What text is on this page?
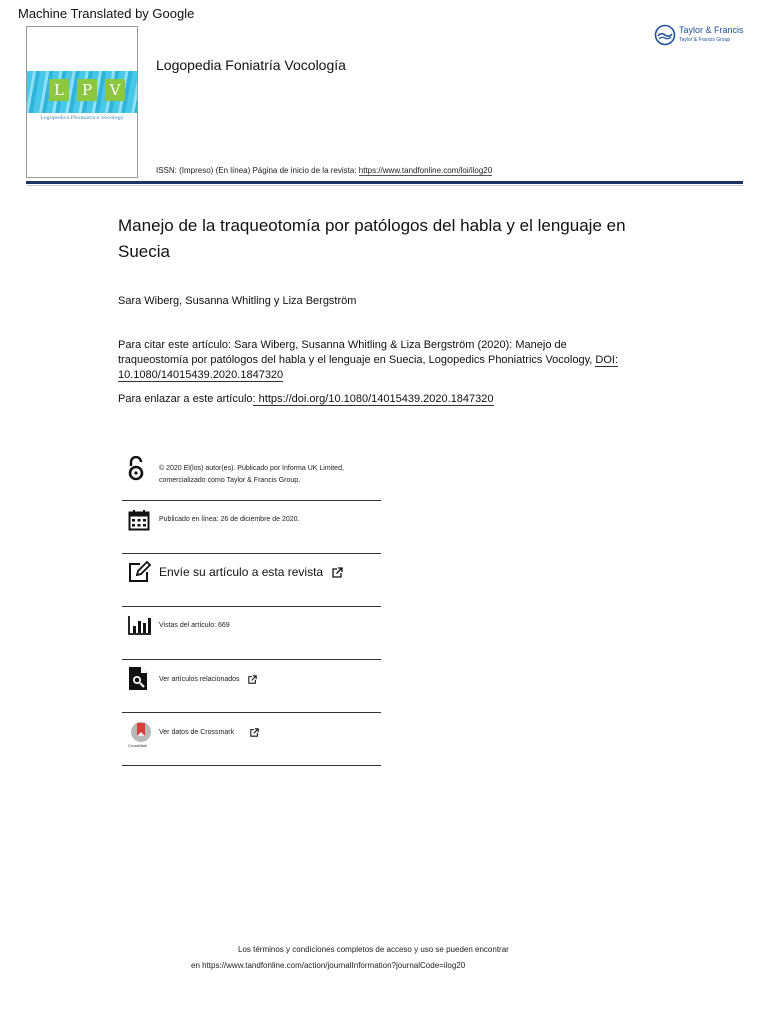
Machine Translated by Google
L	P	V
Logopedics Phoniatrics Vocology
Logopedia Foniatría Vocología
ISSN: (Impreso) (En línea) Página de inicio de la revista: https://www.tandfonline.com/loi/ilog20
Taylor & Francis
Taylor & Francis Group
Manejo de la traqueotomía por patólogos del habla y el lenguaje en Suecia
Sara Wiberg, Susanna Whitling y Liza Bergström
Para citar este artículo: Sara Wiberg, Susanna Whitling & Liza Bergström (2020): Manejo de traqueostomía por patólogos del habla y el lenguaje en Suecia, Logopedics Phoniatrics Vocology, DOI: 10.1080/14015439.2020.1847320
Para enlazar a este artículo: https://doi.org/10.1080/14015439.2020.1847320
© 2020 El(los) autor(es). Publicado por Informa UK Limited,
comercializado como Taylor & Francis Group.
Publicado en línea: 26 de diciembre de 2020.
Envíe su artículo a esta revista
Vistas del artículo: 669
Ver artículos relacionados
CrossMark
Ver datos de Crossmark
Los términos y condiciones completos de acceso y uso se pueden encontrar
en https://www.tandfonline.com/action/journalInformation?journalCode=ilog20
